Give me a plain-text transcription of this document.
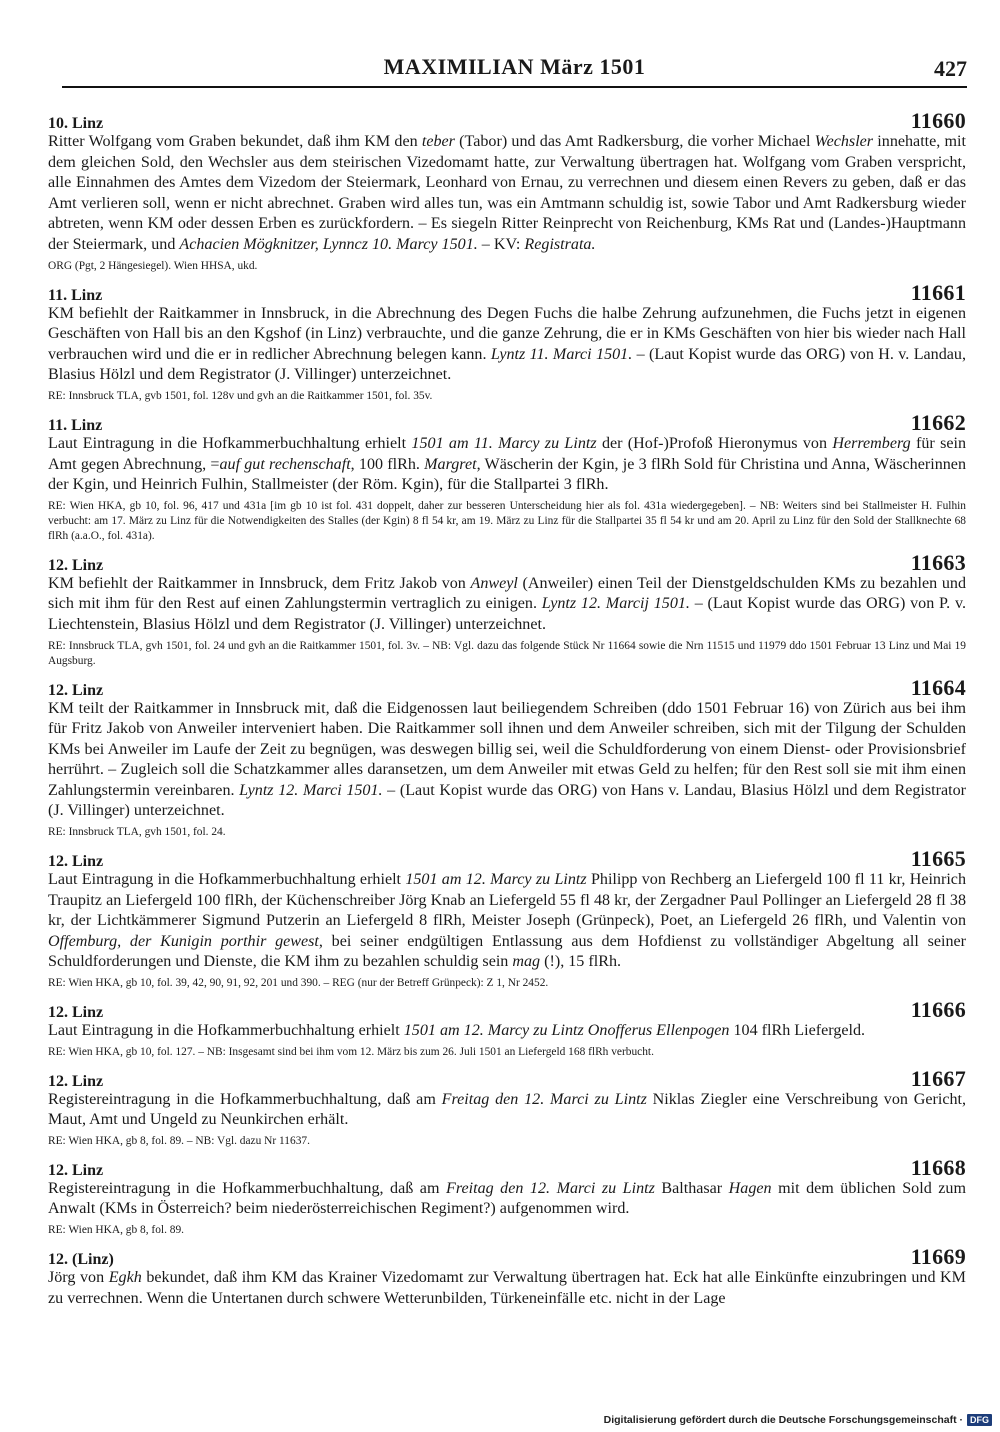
MAXIMILIAN März 1501	427
10. Linz	11660
Ritter Wolfgang vom Graben bekundet, daß ihm KM den teber (Tabor) und das Amt Radkersburg, die vorher Michael Wechsler innehatte, mit dem gleichen Sold, den Wechsler aus dem steirischen Vizedomamt hatte, zur Verwaltung übertragen hat. Wolfgang vom Graben verspricht, alle Einnahmen des Amtes dem Vizedom der Steiermark, Leonhard von Ernau, zu verrechnen und diesem einen Revers zu geben, daß er das Amt verlieren soll, wenn er nicht abrechnet. Graben wird alles tun, was ein Amtmann schuldig ist, sowie Tabor und Amt Radkersburg wieder abtreten, wenn KM oder dessen Erben es zurückfordern. – Es siegeln Ritter Reinprecht von Reichenburg, KMs Rat und (Landes-)Hauptmann der Steiermark, und Achacien Mögknitzer, Lynncz 10. Marcy 1501. – KV: Registrata.
ORG (Pgt, 2 Hängesiegel). Wien HHSA, ukd.
11. Linz	11661
KM befiehlt der Raitkammer in Innsbruck, in die Abrechnung des Degen Fuchs die halbe Zehrung aufzunehmen, die Fuchs jetzt in eigenen Geschäften von Hall bis an den Kgshof (in Linz) verbrauchte, und die ganze Zehrung, die er in KMs Geschäften von hier bis wieder nach Hall verbrauchen wird und die er in redlicher Abrechnung belegen kann. Lyntz 11. Marci 1501. – (Laut Kopist wurde das ORG) von H. v. Landau, Blasius Hölzl und dem Registrator (J. Villinger) unterzeichnet.
RE: Innsbruck TLA, gvb 1501, fol. 128v und gvh an die Raitkammer 1501, fol. 35v.
11. Linz	11662
Laut Eintragung in die Hofkammerbuchhaltung erhielt 1501 am 11. Marcy zu Lintz der (Hof-)Profoß Hieronymus von Herremberg für sein Amt gegen Abrechnung, =auf gut rechenschaft, 100 flRh. Margret, Wäscherin der Kgin, je 3 flRh Sold für Christina und Anna, Wäscherinnen der Kgin, und Heinrich Fulhin, Stallmeister (der Röm. Kgin), für die Stallpartei 3 flRh.
RE: Wien HKA, gb 10, fol. 96, 417 und 431a [im gb 10 ist fol. 431 doppelt, daher zur besseren Unterscheidung hier als fol. 431a wiedergegeben]. – NB: Weiters sind bei Stallmeister H. Fulhin verbucht: am 17. März zu Linz für die Notwendigkeiten des Stalles (der Kgin) 8 fl 54 kr, am 19. März zu Linz für die Stallpartei 35 fl 54 kr und am 20. April zu Linz für den Sold der Stallknechte 68 flRh (a.a.O., fol. 431a).
12. Linz	11663
KM befiehlt der Raitkammer in Innsbruck, dem Fritz Jakob von Anweyl (Anweiler) einen Teil der Dienstgeldschulden KMs zu bezahlen und sich mit ihm für den Rest auf einen Zahlungstermin vertraglich zu einigen. Lyntz 12. Marcij 1501. – (Laut Kopist wurde das ORG) von P. v. Liechtenstein, Blasius Hölzl und dem Registrator (J. Villinger) unterzeichnet.
RE: Innsbruck TLA, gvh 1501, fol. 24 und gvh an die Raitkammer 1501, fol. 3v. – NB: Vgl. dazu das folgende Stück Nr 11664 sowie die Nrn 11515 und 11979 ddo 1501 Februar 13 Linz und Mai 19 Augsburg.
12. Linz	11664
KM teilt der Raitkammer in Innsbruck mit, daß die Eidgenossen laut beiliegendem Schreiben (ddo 1501 Februar 16) von Zürich aus bei ihm für Fritz Jakob von Anweiler interveniert haben. Die Raitkammer soll ihnen und dem Anweiler schreiben, sich mit der Tilgung der Schulden KMs bei Anweiler im Laufe der Zeit zu begnügen, was deswegen billig sei, weil die Schuldforderung von einem Dienst- oder Provisionsbrief herrührt. – Zugleich soll die Schatzkammer alles daransetzen, um dem Anweiler mit etwas Geld zu helfen; für den Rest soll sie mit ihm einen Zahlungstermin vereinbaren. Lyntz 12. Marci 1501. – (Laut Kopist wurde das ORG) von Hans v. Landau, Blasius Hölzl und dem Registrator (J. Villinger) unterzeichnet.
RE: Innsbruck TLA, gvh 1501, fol. 24.
12. Linz	11665
Laut Eintragung in die Hofkammerbuchhaltung erhielt 1501 am 12. Marcy zu Lintz Philipp von Rechberg an Liefergeld 100 fl 11 kr, Heinrich Traupitz an Liefergeld 100 flRh, der Küchenschreiber Jörg Knab an Liefergeld 55 fl 48 kr, der Zergadner Paul Pollinger an Liefergeld 28 fl 38 kr, der Lichtkämmerer Sigmund Putzerin an Liefergeld 8 flRh, Meister Joseph (Grünpeck), Poet, an Liefergeld 26 flRh, und Valentin von Offemburg, der Kunigin porthir gewest, bei seiner endgültigen Entlassung aus dem Hofdienst zu vollständiger Abgeltung all seiner Schuldforderungen und Dienste, die KM ihm zu bezahlen schuldig sein mag (!), 15 flRh.
RE: Wien HKA, gb 10, fol. 39, 42, 90, 91, 92, 201 und 390. – REG (nur der Betreff Grünpeck): Z 1, Nr 2452.
12. Linz	11666
Laut Eintragung in die Hofkammerbuchhaltung erhielt 1501 am 12. Marcy zu Lintz Onofferus Ellenpogen 104 flRh Liefergeld.
RE: Wien HKA, gb 10, fol. 127. – NB: Insgesamt sind bei ihm vom 12. März bis zum 26. Juli 1501 an Liefergeld 168 flRh verbucht.
12. Linz	11667
Registereintragung in die Hofkammerbuchhaltung, daß am Freitag den 12. Marci zu Lintz Niklas Ziegler eine Verschreibung von Gericht, Maut, Amt und Ungeld zu Neunkirchen erhält.
RE: Wien HKA, gb 8, fol. 89. – NB: Vgl. dazu Nr 11637.
12. Linz	11668
Registereintragung in die Hofkammerbuchhaltung, daß am Freitag den 12. Marci zu Lintz Balthasar Hagen mit dem üblichen Sold zum Anwalt (KMs in Österreich? beim niederösterreichischen Regiment?) aufgenommen wird.
RE: Wien HKA, gb 8, fol. 89.
12. (Linz)	11669
Jörg von Egkh bekundet, daß ihm KM das Krainer Vizedomamt zur Verwaltung übertragen hat. Eck hat alle Einkünfte einzubringen und KM zu verrechnen. Wenn die Untertanen durch schwere Wetterunbilden, Türkeneinfälle etc. nicht in der Lage
Digitalisierung gefördert durch die Deutsche Forschungsgemeinschaft · DFG
